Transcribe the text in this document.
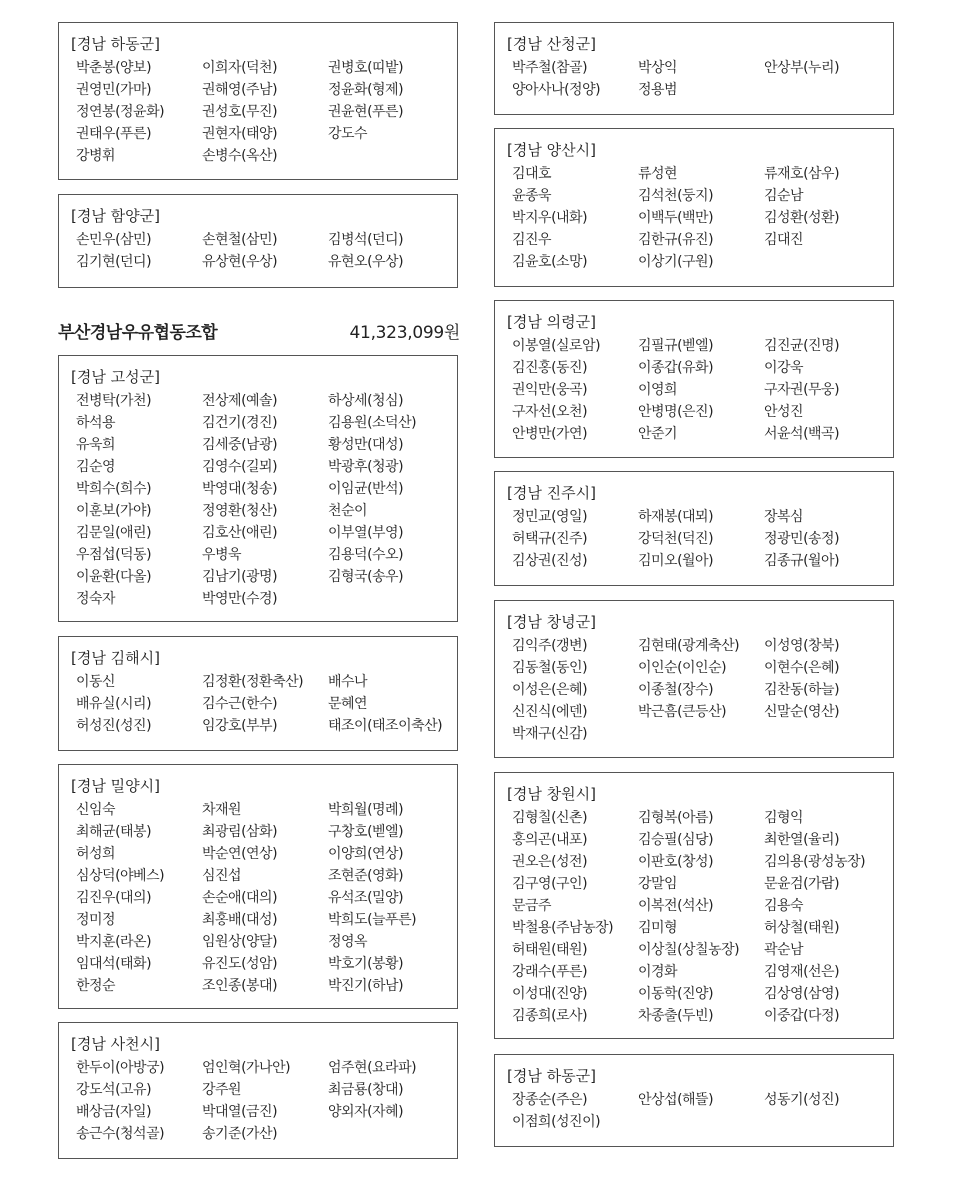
[경남 하동군]
박춘봉(양보)	이희자(덕천)	권병호(띠밭)
권영민(가마)	권해영(주남)	정윤화(형제)
정연봉(정윤화)	권성호(무진)	권윤현(푸른)
권태우(푸른)	권현자(태양)	강도수
강병휘	손병수(옥산)
[경남 함양군]
손민우(삼민)	손현철(삼민)	김병석(던디)
김기현(던디)	유상현(우상)	유현오(우상)
[경남 고성군]
전병탁(가천)	전상제(예솔)	하상세(청심)
하석용	김건기(경진)	김용원(소덕산)
유욱희	김세중(남광)	황성만(대성)
김순영	김영수(길뫼)	박광후(청광)
박희수(희수)	박영대(청송)	이임균(반석)
이훈보(가야)	정영환(청산)	천순이
김문일(애린)	김호산(애린)	이부열(부영)
우점섭(덕동)	우병욱	김용덕(수오)
이윤환(다올)	김남기(광명)	김형국(송우)
정숙자	박영만(수경)
[경남 김해시]
이동신	김정환(정환축산)	배수나
배유실(시리)	김수근(한수)	문혜연
허성진(성진)	임강호(부부)	태조이(태조이축산)
[경남 밀양시]
신임숙	차재원	박희월(명례)
최해균(태봉)	최광림(삼화)	구창호(벧엘)
허성희	박순연(연상)	이양희(연상)
심상덕(야베스)	심진섭	조현준(영화)
김진우(대의)	손순애(대의)	유석조(밀양)
정미정	최홍배(대성)	박희도(늘푸른)
박지훈(라온)	임원상(양달)	정영옥
임대석(태화)	유진도(성암)	박호기(봉황)
한정순	조인종(봉대)	박진기(하남)
[경남 사천시]
한두이(아방궁)	엄인혁(가나안)	엄주현(요라파)
강도석(고유)	강주원	최금룡(창대)
배상금(자일)	박대열(금진)	양외자(자혜)
송근수(청석골)	송기준(가산)
[경남 산청군]
박주철(참골)	박상익	안상부(누리)
양아사나(정양)	정용범
[경남 양산시]
김대호	류성현	류재호(삼우)
윤종욱	김석천(둥지)	김순남
박지우(내화)	이백두(백만)	김성환(성환)
김진우	김한규(유진)	김대진
김윤호(소망)	이상기(구원)
[경남 의령군]
이봉열(실로암)	김필규(벧엘)	김진균(진명)
김진홍(동진)	이종갑(유화)	이강욱
권익만(웅곡)	이영희	구자권(무웅)
구자선(오천)	안병명(은진)	안성진
안병만(가연)	안준기	서윤석(백곡)
[경남 진주시]
정민교(영일)	하재봉(대뫼)	장복심
허택규(진주)	강덕천(덕진)	정광민(송정)
김상권(진성)	김미오(월아)	김종규(월아)
[경남 창녕군]
김익주(갱변)	김현태(광계축산)	이성영(창북)
김동철(동인)	이인순(이인순)	이현수(은혜)
이성은(은혜)	이종철(장수)	김찬동(하늘)
신진식(에덴)	박근흠(큰등산)	신말순(영산)
박재구(신감)
[경남 창원시]
김형칠(신촌)	김형복(아름)	김형익
홍의곤(내포)	김승필(심당)	최한열(율리)
권오은(성전)	이판호(창성)	김의용(광성농장)
김구영(구인)	강말임	문윤검(가람)
문금주	이복전(석산)	김용숙
박철용(주남농장)	김미형	허상철(태원)
허태원(태원)	이상칠(상칠농장)	곽순남
강래수(푸른)	이경화	김영재(선은)
이성대(진양)	이동학(진양)	김상영(삼영)
김종희(로사)	차종출(두빈)	이중갑(다정)
[경남 하동군]
장종순(주은)	안상섭(해뜰)	성동기(성진)
이점희(성진이)
부산경남우유협동조합	41,323,099원
